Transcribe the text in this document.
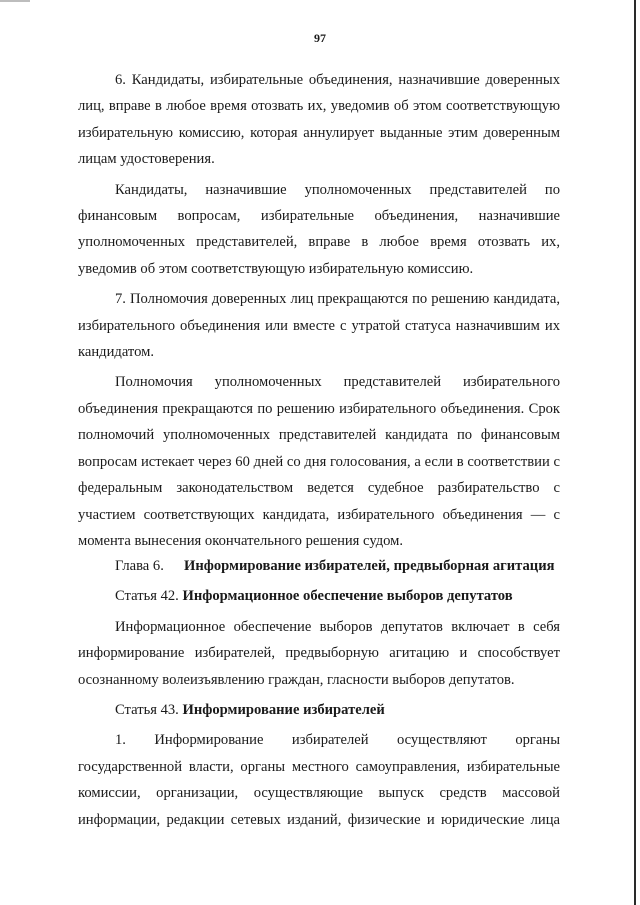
97

6. Кандидаты, избирательные объединения, назначившие доверенных лиц, вправе в любое время отозвать их, уведомив об этом соответствующую избирательную комиссию, которая аннулирует выданные этим доверенным лицам удостоверения.

Кандидаты, назначившие уполномоченных представителей по финансовым вопросам, избирательные объединения, назначившие уполномоченных представителей, вправе в любое время отозвать их, уведомив об этом соответствующую избирательную комиссию.

7. Полномочия доверенных лиц прекращаются по решению кандидата, избирательного объединения или вместе с утратой статуса назначившим их кандидатом.

Полномочия уполномоченных представителей избирательного объединения прекращаются по решению избирательного объединения. Срок полномочий уполномоченных представителей кандидата по финансовым вопросам истекает через 60 дней со дня голосования, а если в соответствии с федеральным законодательством ведется судебное разбирательство с участием соответствующих кандидата, избирательного объединения — с момента вынесения окончательного решения судом.

Глава 6.	Информирование избирателей, предвыборная агитация

Статья 42. Информационное обеспечение выборов депутатов

Информационное обеспечение выборов депутатов включает в себя информирование избирателей, предвыборную агитацию и способствует осознанному волеизъявлению граждан, гласности выборов депутатов.

Статья 43. Информирование избирателей

1. Информирование избирателей осуществляют органы государственной власти, органы местного самоуправления, избирательные комиссии, организации, осуществляющие выпуск средств массовой информации, редакции сетевых изданий, физические и юридические лица
